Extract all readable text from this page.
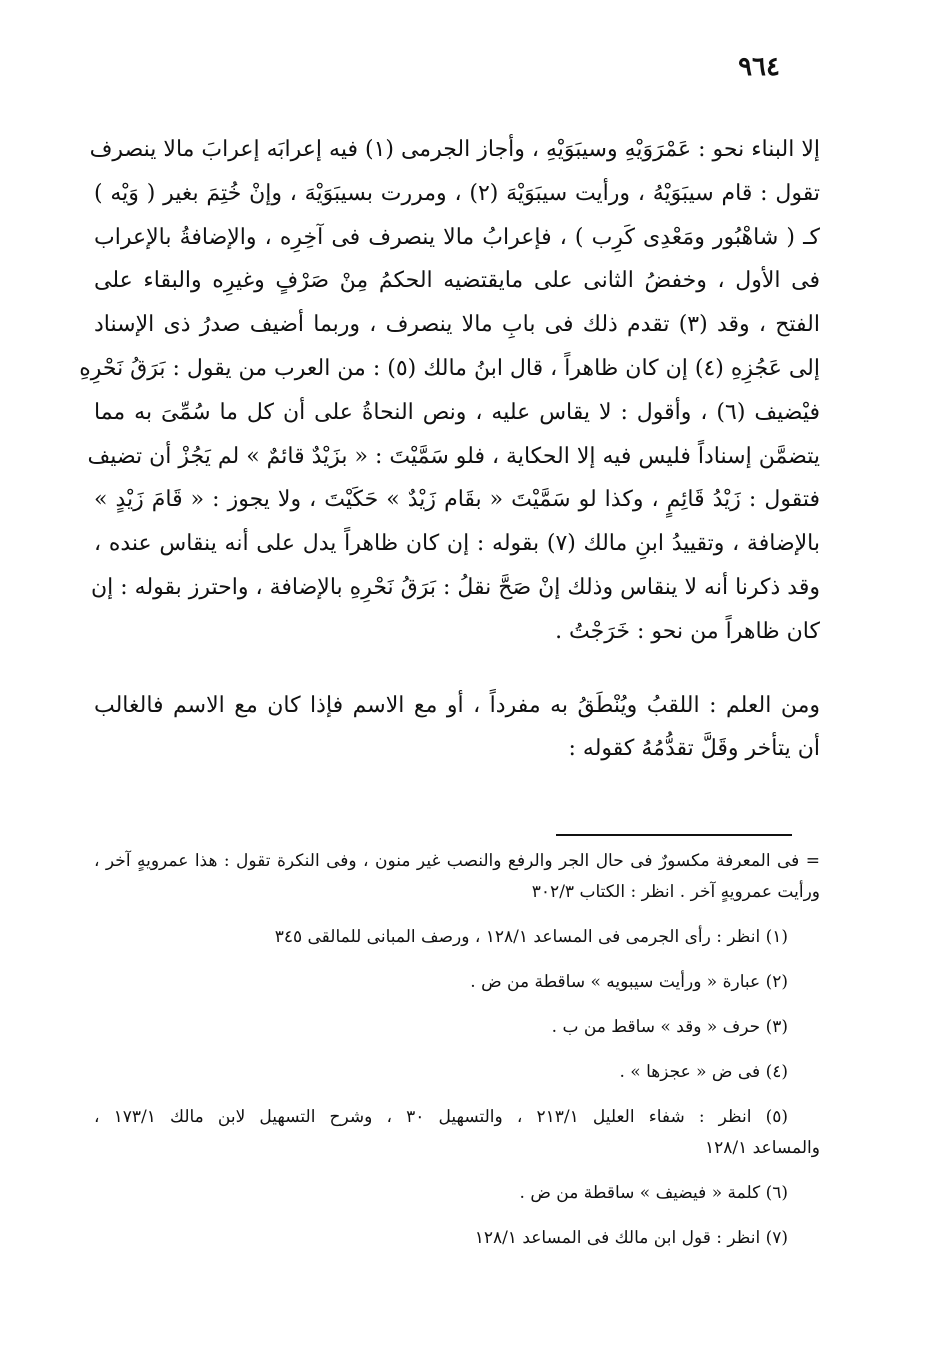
٩٦٤
إلا البناء نحو : عَمْرَوَيْهِ وسيبَوَيْهِ ، وأجاز الجرمى (١) فيه إعرابَه إعرابَ مالا ينصرف
تقول : قام سيبَوَيْهُ ، ورأيت سيبَوَيْهَ (٢) ، ومررت بسيبَوَيْهَ ، وإنْ خُتِمَ بغير ( وَيْه )
كـ ( شاهْبُور ومَعْدِى كَرِب ) ، فإعرابُ مالا ينصرف فى آخِرِه ، والإضافةُ بالإعراب
فى الأول ، وخفضُ الثانى على مايقتضيه الحكمُ مِنْ صَرْفٍ وغيرِه والبقاء على
الفتح ، وقد (٣) تقدم ذلك فى بابِ مالا ينصرف ، وربما أضيف صدرُ ذى الإسناد
إلى عَجُزِهِ (٤) إن كان ظاهراً ، قال ابنُ مالك (٥) : من العرب من يقول : بَرَقُ نَحْرِهِ
فيْضيف (٦) ، وأقول : لا يقاس عليه ، ونص النحاةُ على أن كل ما سُمِّىَ به مما
يتضمَّن إسناداً فليس فيه إلا الحكاية ، فلو سَمَّيْتَ : « بزَيْدٌ قائمٌ » لم يَجُزْ أن تضيف
فتقول : زَيْدُ قَائِمٍ ، وكذا لو سَمَّيْتَ « بقَام زَيْدٌ » حَكَيْتَ ، ولا يجوز : « قَامَ زَيْدٍ »
بالإضافة ، وتقييدُ ابنِ مالك (٧) بقوله : إن كان ظاهراً يدل على أنه ينقاس عنده ،
وقد ذكرنا أنه لا ينقاس وذلك إنْ صَحَّ نقلُ : بَرَقُ نَحْرِهِ بالإضافة ، واحترز بقوله : إن
كان ظاهراً من نحو : خَرَجْتُ .
ومن العلم : اللقبُ ويُنْطَقُ به مفرداً ، أو مع الاسم فإذا كان مع الاسم فالغالب
أن يتأخر وقَلَّ تقدُّمُهُ كقوله :
= فى المعرفة مكسورٌ فى حال الجر والرفع والنصب غير منون ، وفى النكرة تقول : هذا عمرويهٍ آخر ،
ورأيت عمرويهٍ آخر . انظر : الكتاب ٣٠٢/٣
(١) انظر : رأى الجرمى فى المساعد ١٢٨/١ ، ورصف المبانى للمالقى ٣٤٥
(٢) عبارة « ورأيت سيبويه » ساقطة من ض .
(٣) حرف « وقد » ساقط من ب .
(٤) فى ض « عجزها » .
(٥) انظر : شفاء العليل ٢١٣/١ ، والتسهيل ٣٠ ، وشرح التسهيل لابن مالك ١٧٣/١ ،
والمساعد ١٢٨/١
(٦) كلمة « فيضيف » ساقطة من ض .
(٧) انظر : قول ابن مالك فى المساعد ١٢٨/١
